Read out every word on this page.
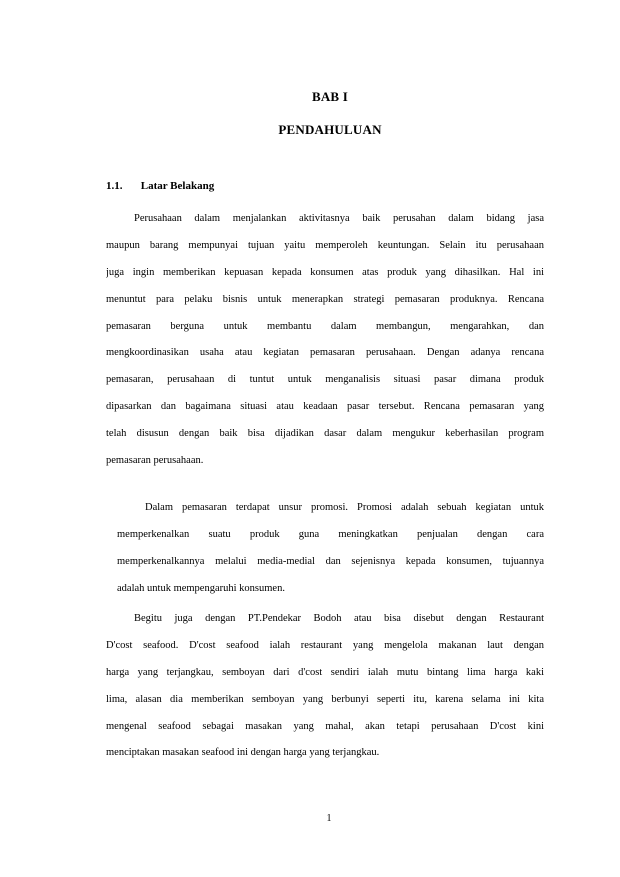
BAB I
PENDAHULUAN
1.1. Latar Belakang
Perusahaan dalam menjalankan aktivitasnya baik perusahan dalam bidang jasa
maupun barang mempunyai tujuan yaitu memperoleh keuntungan. Selain itu perusahaan
juga ingin memberikan kepuasan kepada konsumen atas produk yang dihasilkan. Hal ini
menuntut para pelaku bisnis untuk menerapkan strategi pemasaran produknya. Rencana
pemasaran berguna untuk membantu dalam membangun, mengarahkan, dan
mengkoordinasikan usaha atau kegiatan pemasaran perusahaan. Dengan adanya rencana
pemasaran, perusahaan di tuntut untuk menganalisis situasi pasar dimana produk
dipasarkan dan bagaimana situasi atau keadaan pasar tersebut. Rencana pemasaran yang
telah disusun dengan baik bisa dijadikan dasar dalam mengukur keberhasilan program
pemasaran perusahaan.
Dalam pemasaran terdapat unsur promosi. Promosi adalah sebuah kegiatan untuk
memperkenalkan suatu produk guna meningkatkan penjualan dengan cara
memperkenalkannya melalui media-medial dan sejenisnya kepada konsumen, tujuannya
adalah untuk mempengaruhi konsumen.
Begitu juga dengan PT.Pendekar Bodoh atau bisa disebut dengan Restaurant
D'cost seafood. D'cost seafood ialah restaurant yang mengelola makanan laut dengan
harga yang terjangkau, semboyan dari d'cost sendiri ialah mutu bintang lima harga kaki
lima, alasan dia memberikan semboyan yang berbunyi seperti itu, karena selama ini kita
mengenal seafood sebagai masakan yang mahal, akan tetapi perusahaan D'cost kini
menciptakan masakan seafood ini dengan harga yang terjangkau.
1
